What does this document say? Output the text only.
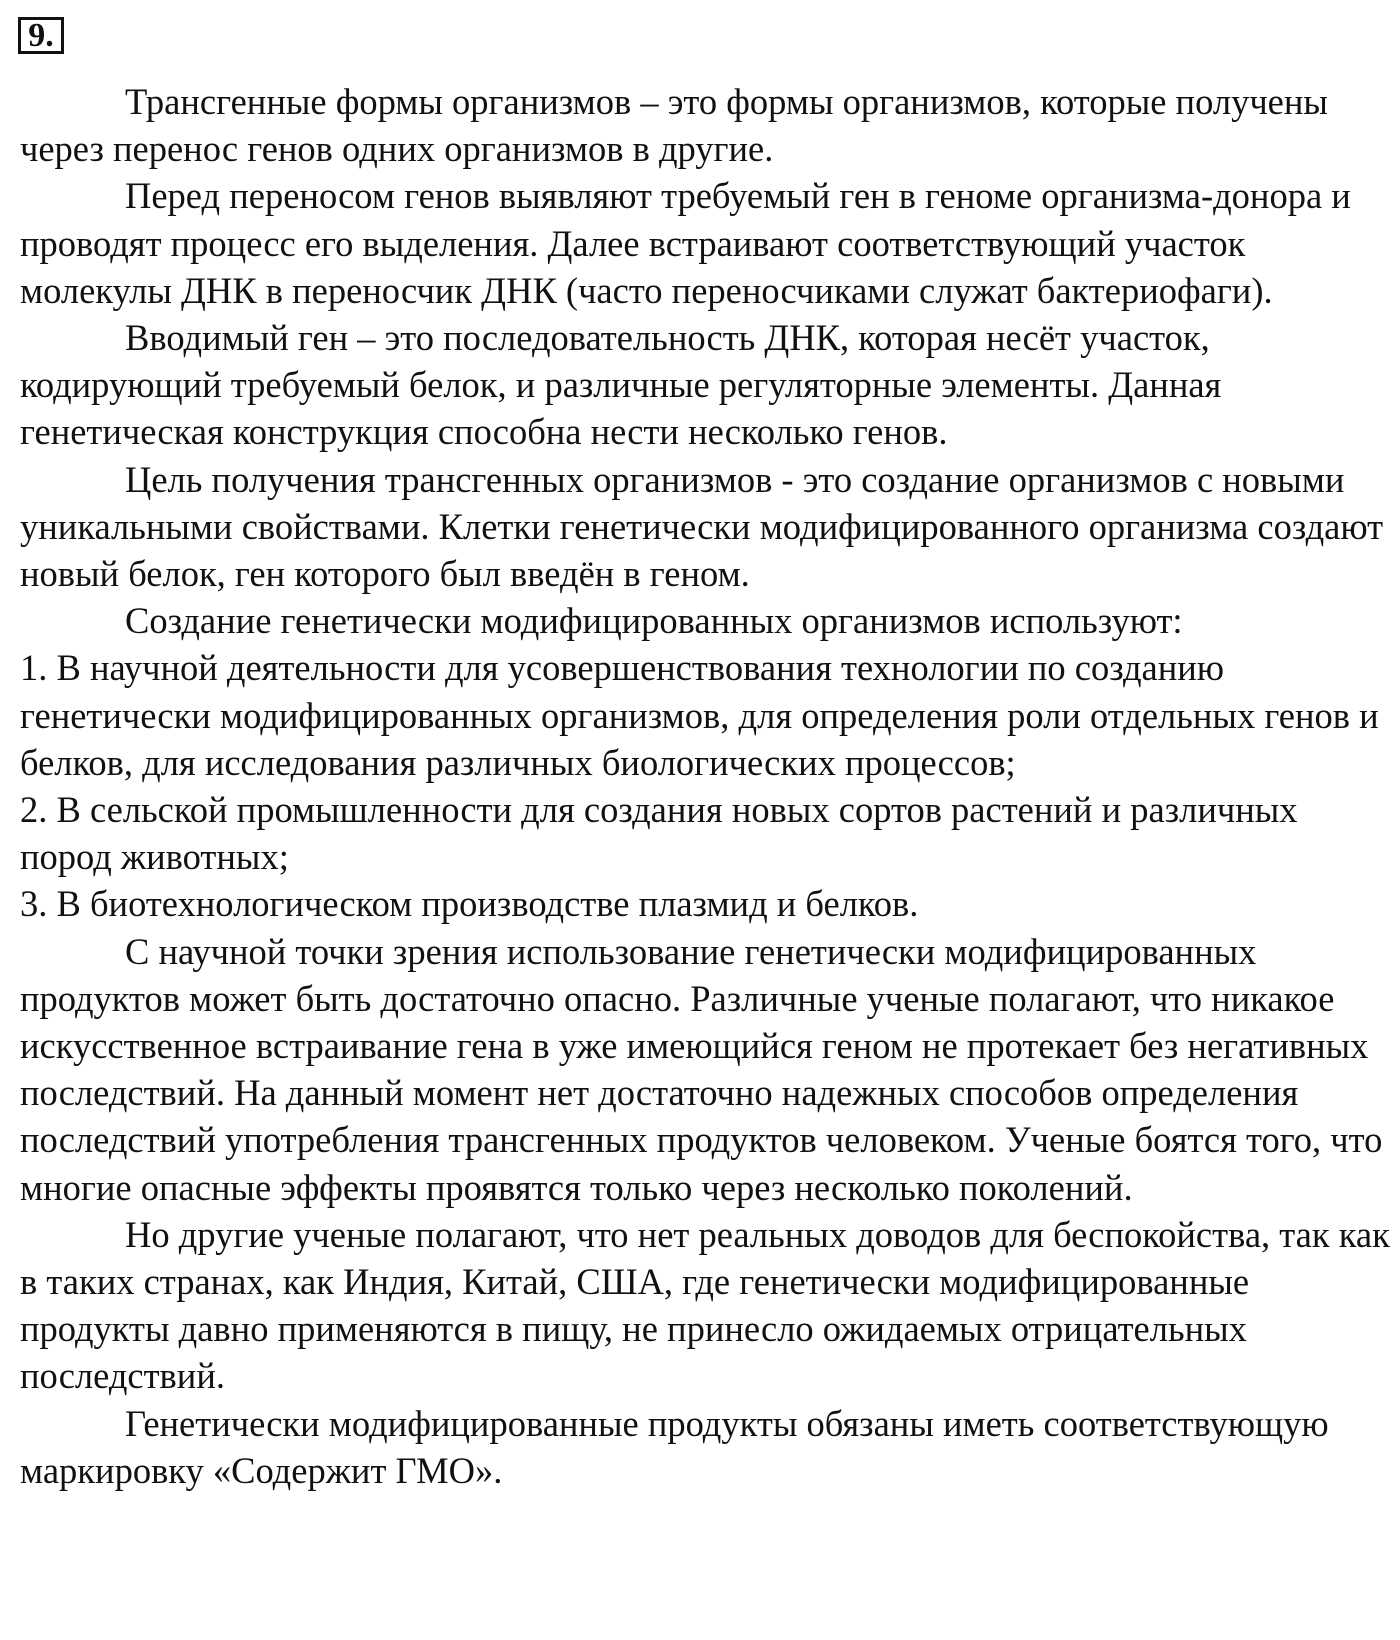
9.

Трансгенные формы организмов – это формы организмов, которые получены через перенос генов одних организмов в другие.

Перед переносом генов выявляют требуемый ген в геноме организма-донора и проводят процесс его выделения. Далее встраивают соответствующий участок молекулы ДНК в переносчик ДНК (часто переносчиками служат бактериофаги).

Вводимый ген – это последовательность ДНК, которая несёт участок, кодирующий требуемый белок, и различные регуляторные элементы. Данная генетическая конструкция способна нести несколько генов.

Цель получения трансгенных организмов - это создание организмов с новыми уникальными свойствами. Клетки генетически модифицированного организма создают новый белок, ген которого был введён в геном.

Создание генетически модифицированных организмов используют:

1. В научной деятельности для усовершенствования технологии по созданию генетически модифицированных организмов, для определения роли отдельных генов и белков, для исследования различных биологических процессов;

2. В сельской промышленности для создания новых сортов растений и различных пород животных;

3. В биотехнологическом производстве плазмид и белков.

С научной точки зрения использование генетически модифицированных продуктов может быть достаточно опасно. Различные ученые полагают, что никакое искусственное встраивание гена в уже имеющийся геном не протекает без негативных последствий. На данный момент нет достаточно надежных способов определения последствий употребления трансгенных продуктов человеком. Ученые боятся того, что многие опасные эффекты проявятся только через несколько поколений.

Но другие ученые полагают, что нет реальных доводов для беспокойства, так как в таких странах, как Индия, Китай, США, где генетически модифицированные продукты давно применяются в пищу, не принесло ожидаемых отрицательных последствий.

Генетически модифицированные продукты обязаны иметь соответствующую маркировку «Содержит ГМО».
